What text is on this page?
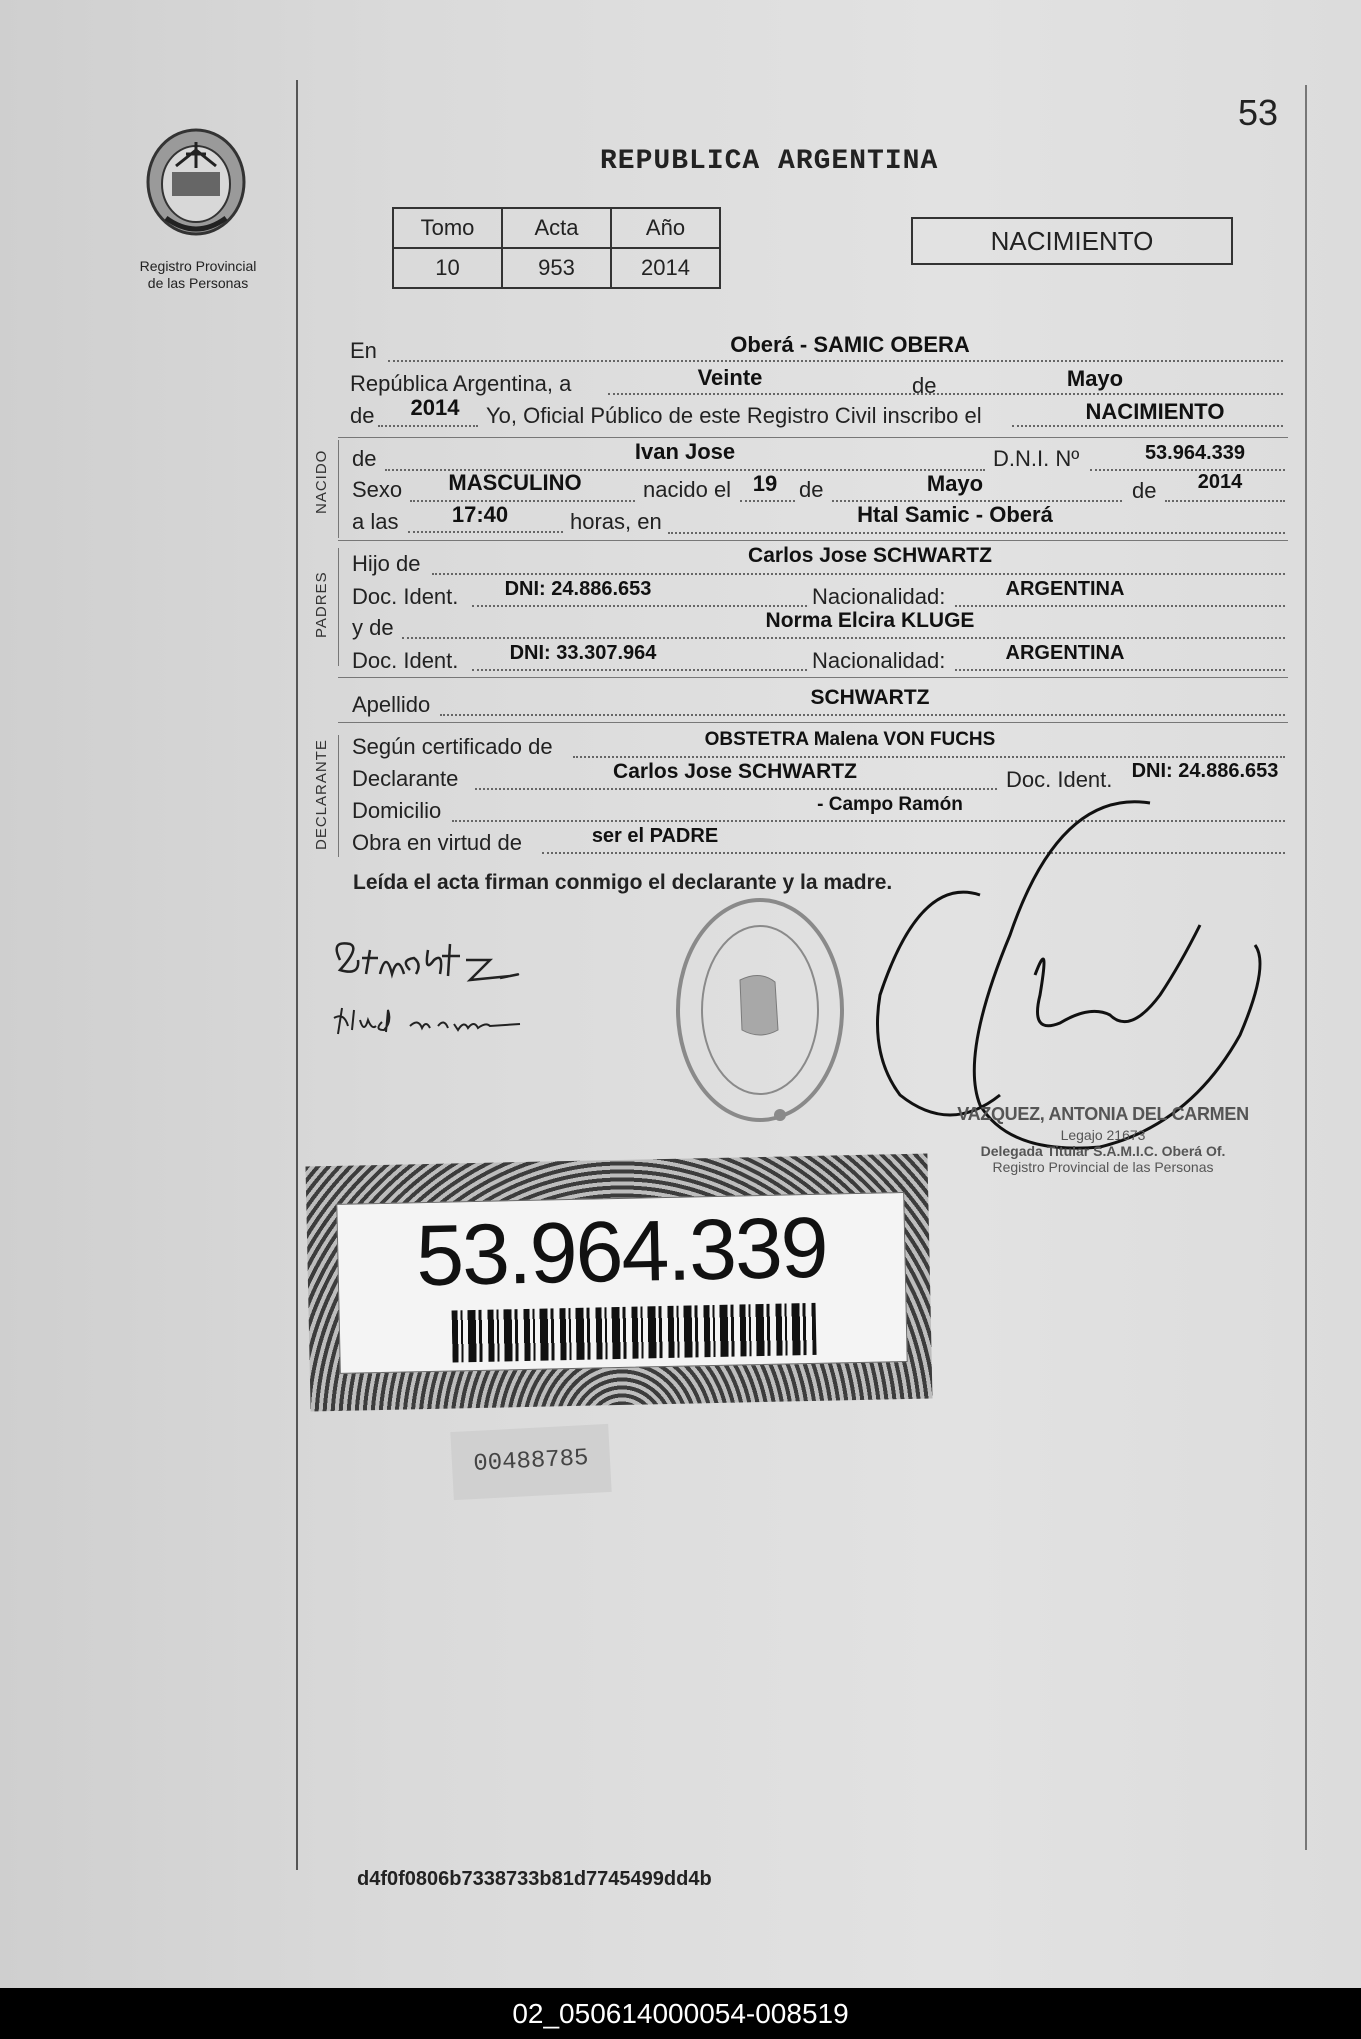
53
Registro Provincial
de las Personas
REPUBLICA ARGENTINA
Tomo	Acta	Año
10	953	2014
NACIMIENTO
En	Oberá - SAMIC OBERA
República Argentina, a	Veinte	de	Mayo
de	2014	Yo, Oficial Público de este Registro Civil inscribo el	NACIMIENTO
NACIDO de	Ivan Jose	D.N.I. Nº	53.964.339
Sexo	MASCULINO	nacido el 19 de	Mayo	de	2014
a las	17:40	horas, en	Htal Samic - Oberá
PADRES
Hijo de	Carlos Jose SCHWARTZ
Doc. Ident.	DNI: 24.886.653	Nacionalidad:	ARGENTINA
y de	Norma Elcira KLUGE
Doc. Ident.	DNI: 33.307.964	Nacionalidad:	ARGENTINA
Apellido	SCHWARTZ
DECLARANTE Según certificado de	OBSTETRA Malena VON FUCHS
Declarante	Carlos Jose SCHWARTZ	Doc. Ident. DNI: 24.886.653
Domicilio	- Campo Ramón
Obra en virtud de	ser el PADRE
Leída el acta firman conmigo el declarante y la madre.
VAZQUEZ, ANTONIA DEL CARMEN
Legajo 21673
Delegada Titular S.A.M.I.C. Oberá Of.
Registro Provincial de las Personas
53.964.339
00488785
d4f0f0806b7338733b81d7745499dd4b
02_050614000054-008519
